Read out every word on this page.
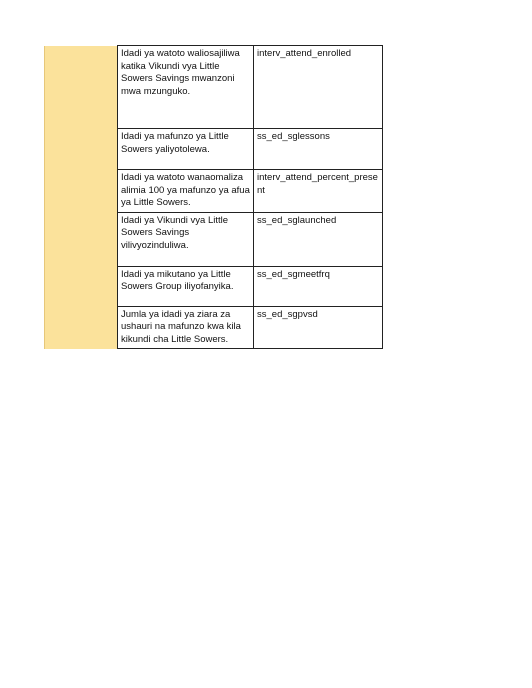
	Idadi ya watoto waliosajiliwa katika Vikundi vya Little Sowers Savings mwanzoni mwa mzunguko.	interv_attend_enrolled
	Idadi ya mafunzo ya Little Sowers yaliyotolewa.	ss_ed_sglessons
	Idadi ya watoto wanaomaliza alimia 100 ya mafunzo ya afua ya Little Sowers.	interv_attend_percent_present
	Idadi ya Vikundi vya Little Sowers Savings vilivyozinduliwa.	ss_ed_sglaunched
	Idadi ya mikutano ya Little Sowers Group iliyofanyika.	ss_ed_sgmeetfrq
	Jumla ya idadi ya ziara za ushauri na mafunzo kwa kila kikundi cha Little Sowers.	ss_ed_sgpvsd
